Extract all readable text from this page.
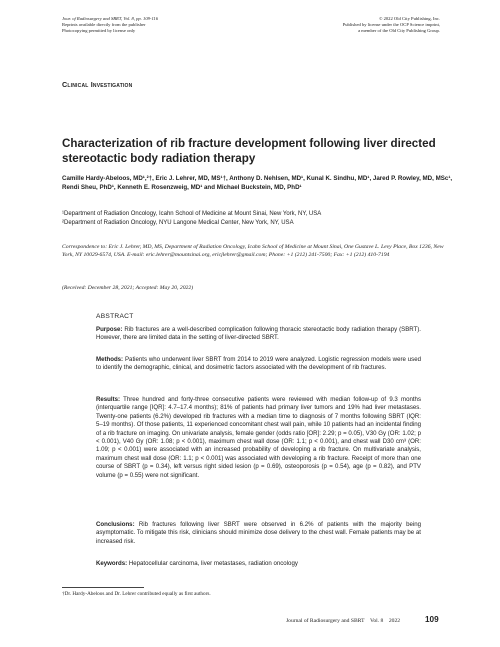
Jour. of Radiosurgery and SBRT, Vol. 8, pp. 109-116
Reprints available directly from the publisher
Photocopying permitted by license only
© 2022 Old City Publishing, Inc.
Published by license under the OCP Science imprint,
a member of the Old City Publishing Group.
Clinical Investigation
Characterization of rib fracture development following liver directed stereotactic body radiation therapy
Camille Hardy-Abeloos, MD¹,²†, Eric J. Lehrer, MD, MS¹†, Anthony D. Nehlsen, MD¹, Kunal K. Sindhu, MD¹, Jared P. Rowley, MD, MSc¹, Rendi Sheu, PhD¹, Kenneth E. Rosenzweig, MD¹ and Michael Buckstein, MD, PhD¹
¹Department of Radiation Oncology, Icahn School of Medicine at Mount Sinai, New York, NY, USA
²Department of Radiation Oncology, NYU Langone Medical Center, New York, NY, USA
Correspondence to: Eric J. Lehrer, MD, MS, Department of Radiation Oncology, Icahn School of Medicine at Mount Sinai, One Gustave L. Levy Place, Box 1236, New York, NY 10029-6574, USA. E-mail: eric.lehrer@mountsinai.org, ericjlehrer@gmail.com; Phone: +1 (212) 241-7500; Fax: +1 (212) 410-7194
(Received: December 28, 2021; Accepted: May 20, 2022)
ABSTRACT
Purpose: Rib fractures are a well-described complication following thoracic stereotactic body radiation therapy (SBRT). However, there are limited data in the setting of liver-directed SBRT.
Methods: Patients who underwent liver SBRT from 2014 to 2019 were analyzed. Logistic regression models were used to identify the demographic, clinical, and dosimetric factors associated with the development of rib fractures.
Results: Three hundred and forty-three consecutive patients were reviewed with median follow-up of 9.3 months (interquartile range [IQR]: 4.7–17.4 months); 81% of patients had primary liver tumors and 19% had liver metastases. Twenty-one patients (6.2%) developed rib fractures with a median time to diagnosis of 7 months following SBRT (IQR: 5–19 months). Of those patients, 11 experienced concomitant chest wall pain, while 10 patients had an incidental finding of a rib fracture on imaging. On univariate analysis, female gender (odds ratio [OR]: 2.29; p = 0.05), V30 Gy (OR: 1.02; p < 0.001), V40 Gy (OR: 1.08; p < 0.001), maximum chest wall dose (OR: 1.1; p < 0.001), and chest wall D30 cm³ (OR: 1.09; p < 0.001) were associated with an increased probability of developing a rib fracture. On multivariate analysis, maximum chest wall dose (OR: 1.1; p < 0.001) was associated with developing a rib fracture. Receipt of more than one course of SBRT (p = 0.34), left versus right sided lesion (p = 0.69), osteoporosis (p = 0.54), age (p = 0.82), and PTV volume (p = 0.55) were not significant.
Conclusions: Rib fractures following liver SBRT were observed in 6.2% of patients with the majority being asymptomatic. To mitigate this risk, clinicians should minimize dose delivery to the chest wall. Female patients may be at increased risk.
Keywords: Hepatocellular carcinoma, liver metastases, radiation oncology
†Dr. Hardy-Abeloos and Dr. Lehrer contributed equally as first authors.
Journal of Radiosurgery and SBRT Vol. 8 2022	109
